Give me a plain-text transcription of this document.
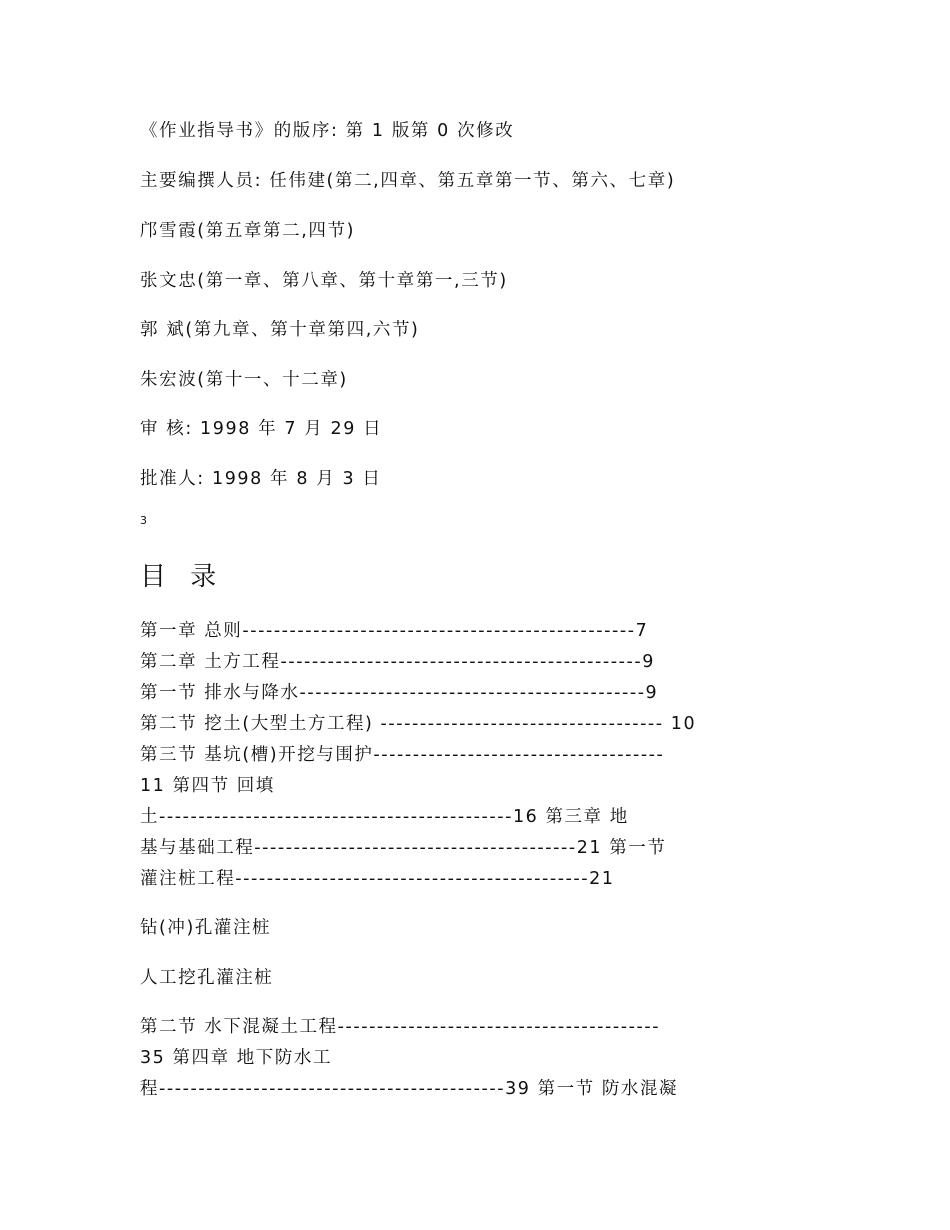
《作业指导书》的版序: 第 1 版第 0 次修改
主要编撰人员: 任伟建(第二,四章、第五章第一节、第六、七章)
邝雪霞(第五章第二,四节)
张文忠(第一章、第八章、第十章第一,三节)
郭 斌(第九章、第十章第四,六节)
朱宏波(第十一、十二章)
审 核: 1998 年 7 月 29 日
批准人: 1998 年 8 月 3 日
3
目 录
第一章 总则--------------------------------------------------7
第二章 土方工程----------------------------------------------9
第一节 排水与降水--------------------------------------------9
第二节 挖土(大型土方工程) ------------------------------------ 10
第三节 基坑(槽)开挖与围护-------------------------------------
11 第四节 回填
土---------------------------------------------16 第三章 地
基与基础工程-----------------------------------------21 第一节
灌注桩工程---------------------------------------------21
钻(冲)孔灌注桩
人工挖孔灌注桩
第二节 水下混凝土工程-----------------------------------------
35 第四章 地下防水工
程--------------------------------------------39 第一节 防水混凝
